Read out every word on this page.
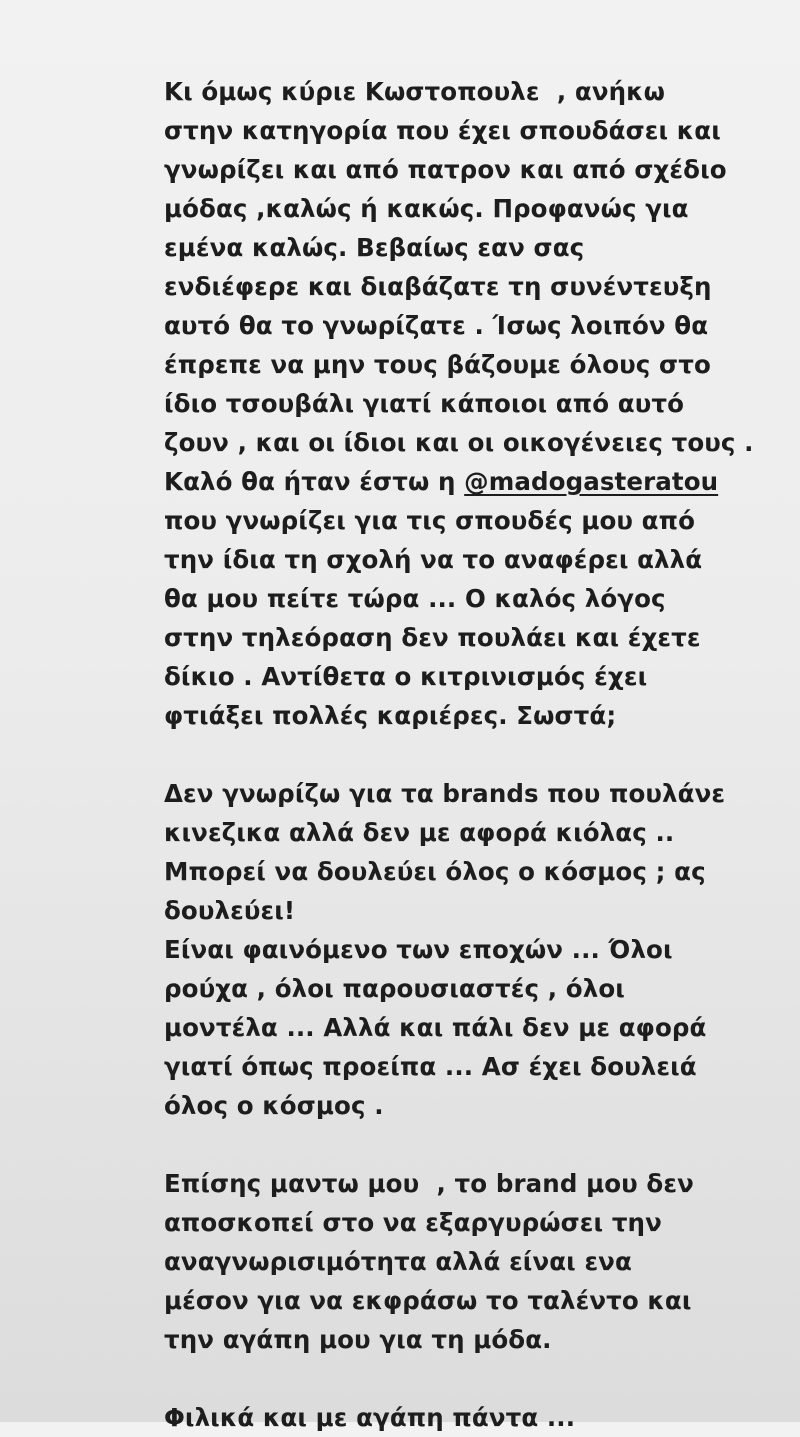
Κι όμως κύριε Κωστοπουλε  , ανήκω
στην κατηγορία που έχει σπουδάσει και
γνωρίζει και από πατρον και από σχέδιο
μόδας ,καλώς ή κακώς. Προφανώς για
εμένα καλώς. Βεβαίως εαν σας
ενδιέφερε και διαβάζατε τη συνέντευξη
αυτό θα το γνωρίζατε . Ίσως λοιπόν θα
έπρεπε να μην τους βάζουμε όλους στο
ίδιο τσουβάλι γιατί κάποιοι από αυτό
ζουν , και οι ίδιοι και οι οικογένειες τους .
Καλό θα ήταν έστω η @madogasteratou
που γνωρίζει για τις σπουδές μου από
την ίδια τη σχολή να το αναφέρει αλλά
θα μου πείτε τώρα ... Ο καλός λόγος
στην τηλεόραση δεν πουλάει και έχετε
δίκιο . Αντίθετα ο κιτρινισμός έχει
φτιάξει πολλές καριέρες. Σωστά;
Δεν γνωρίζω για τα brands που πουλάνε
κινεζικα αλλά δεν με αφορά κιόλας ..
Μπορεί να δουλεύει όλος ο κόσμος ; ας
δουλεύει!
Είναι φαινόμενο των εποχών ... Όλοι
ρούχα , όλοι παρουσιαστές , όλοι
μοντέλα ... Αλλά και πάλι δεν με αφορά
γιατί όπως προείπα ... Ασ έχει δουλειά
όλος ο κόσμος .
Επίσης μαντω μου  , το brand μου δεν
αποσκοπεί στο να εξαργυρώσει την
αναγνωρισιμότητα αλλά είναι ενα
μέσον για να εκφράσω το ταλέντο και
την αγάπη μου για τη μόδα.
Φιλικά και με αγάπη πάντα ...
